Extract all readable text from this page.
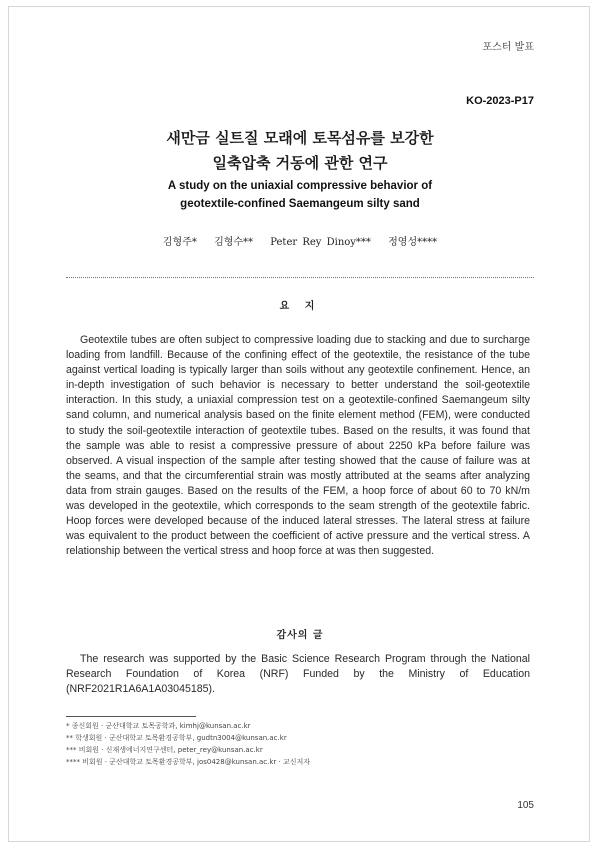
포스터 발표
KO-2023-P17
새만금 실트질 모래에 토목섬유를 보강한
일축압축 거동에 관한 연구
A study on the uniaxial compressive behavior of
geotextile-confined Saemangeum silty sand
김형주* 김형수** Peter Rey Dinoy*** 정영성****
요 지
Geotextile tubes are often subject to compressive loading due to stacking and due to surcharge loading from landfill. Because of the confining effect of the geotextile, the resistance of the tube against vertical loading is typically larger than soils without any geotextile confinement. Hence, an in-depth investigation of such behavior is necessary to better understand the soil-geotextile interaction. In this study, a uniaxial compression test on a geotextile-confined Saemangeum silty sand column, and numerical analysis based on the finite element method (FEM), were conducted to study the soil-geotextile interaction of geotextile tubes. Based on the results, it was found that the sample was able to resist a compressive pressure of about 2250 kPa before failure was observed. A visual inspection of the sample after testing showed that the cause of failure was at the seams, and that the circumferential strain was mostly attributed at the seams after analyzing data from strain gauges. Based on the results of the FEM, a hoop force of about 60 to 70 kN/m was developed in the geotextile, which corresponds to the seam strength of the geotextile fabric. Hoop forces were developed because of the induced lateral stresses. The lateral stress at failure was equivalent to the product between the coefficient of active pressure and the vertical stress. A relationship between the vertical stress and hoop force at was then suggested.
감사의 글
The research was supported by the Basic Science Research Program through the National Research Foundation of Korea (NRF) Funded by the Ministry of Education (NRF2021R1A6A1A03045185).
* 종신회원 · 군산대학교 토목공학과, kimhj@kunsan.ac.kr
** 학생회원 · 군산대학교 토목환경공학부, gudtn3004@kunsan.ac.kr
*** 비회원 · 신재생에너지연구센터, peter_rey@kunsan.ac.kr
**** 비회원 · 군산대학교 토목환경공학부, jos0428@kunsan.ac.kr · 교신저자
105
